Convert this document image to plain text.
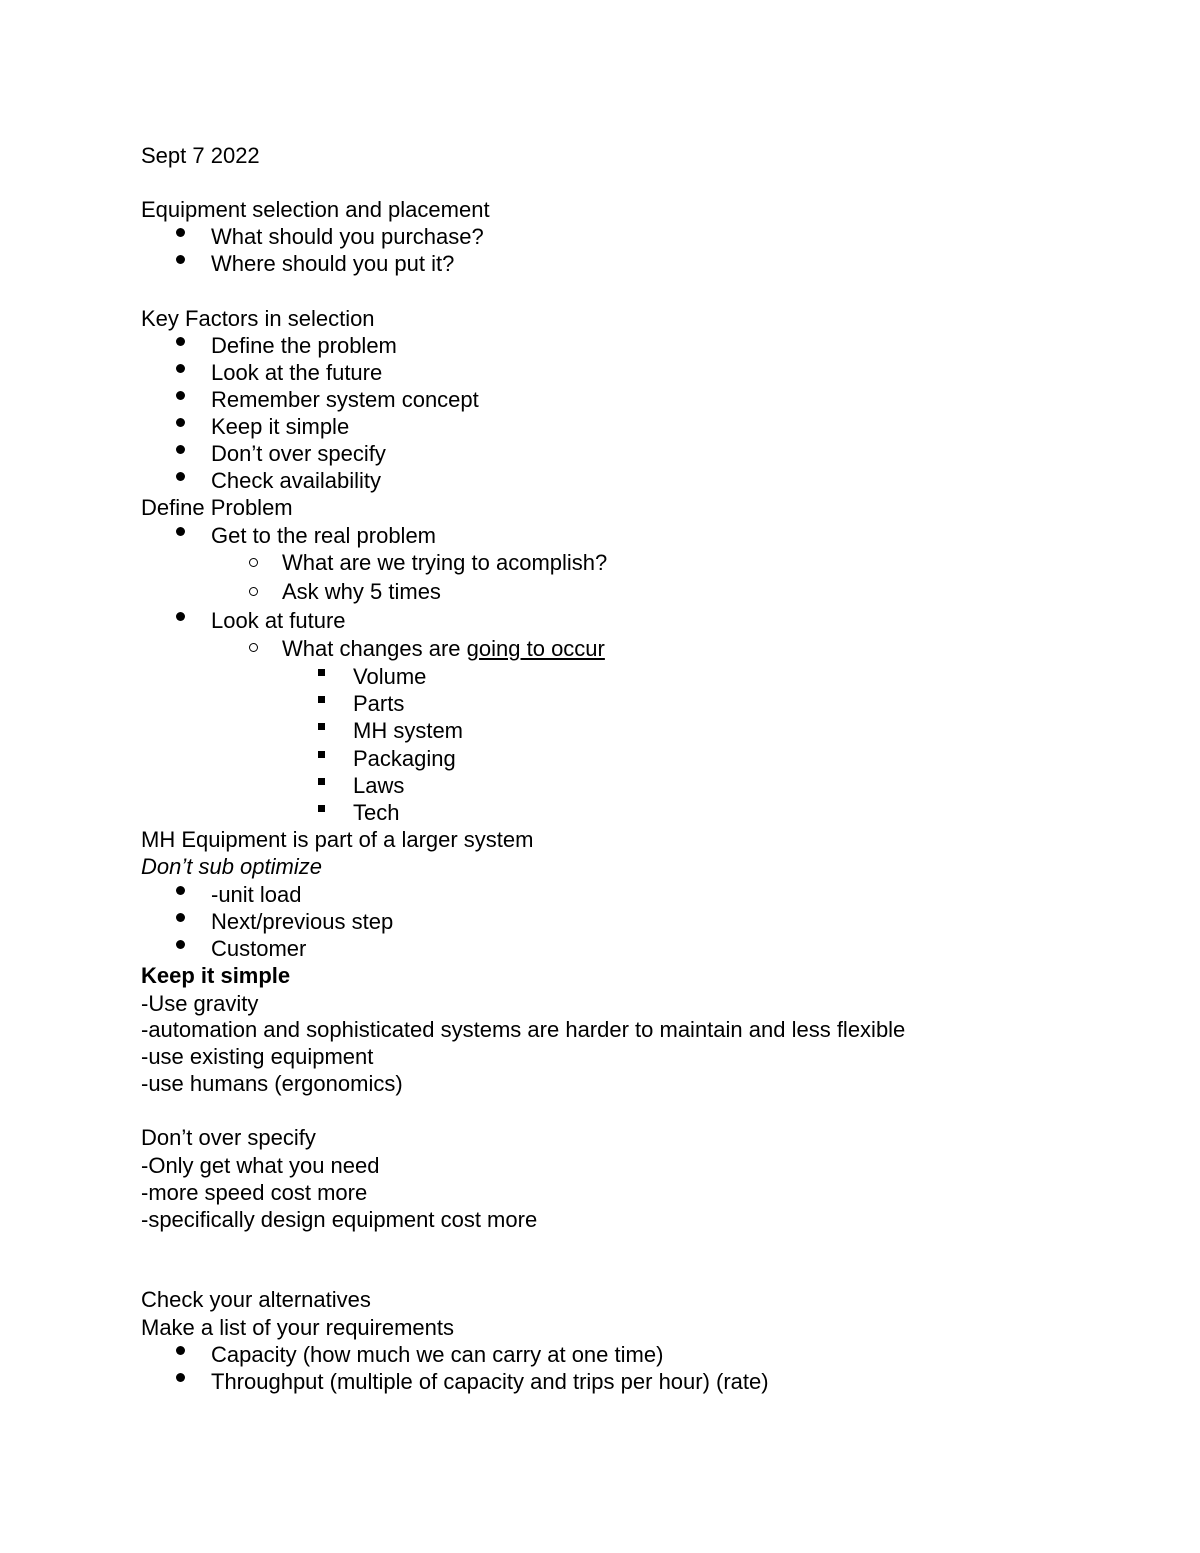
Sept 7 2022
Equipment selection and placement
What should you purchase?
Where should you put it?
Key Factors in selection
Define the problem
Look at the future
Remember system concept
Keep it simple
Don’t over specify
Check availability
Define Problem
Get to the real problem
What are we trying to acomplish?
Ask why 5 times
Look at future
What changes are going to occur
Volume
Parts
MH system
Packaging
Laws
Tech
MH Equipment is part of a larger system
Don’t sub optimize
-unit load
Next/previous step
Customer
Keep it simple
-Use gravity
-automation and sophisticated systems are harder to maintain and less flexible
-use existing equipment
-use humans (ergonomics)
Don’t over specify
-Only get what you need
-more speed cost more
-specifically design equipment cost more
Check your alternatives
Make a list of your requirements
Capacity (how much we can carry at one time)
Throughput (multiple of capacity and trips per hour) (rate)
